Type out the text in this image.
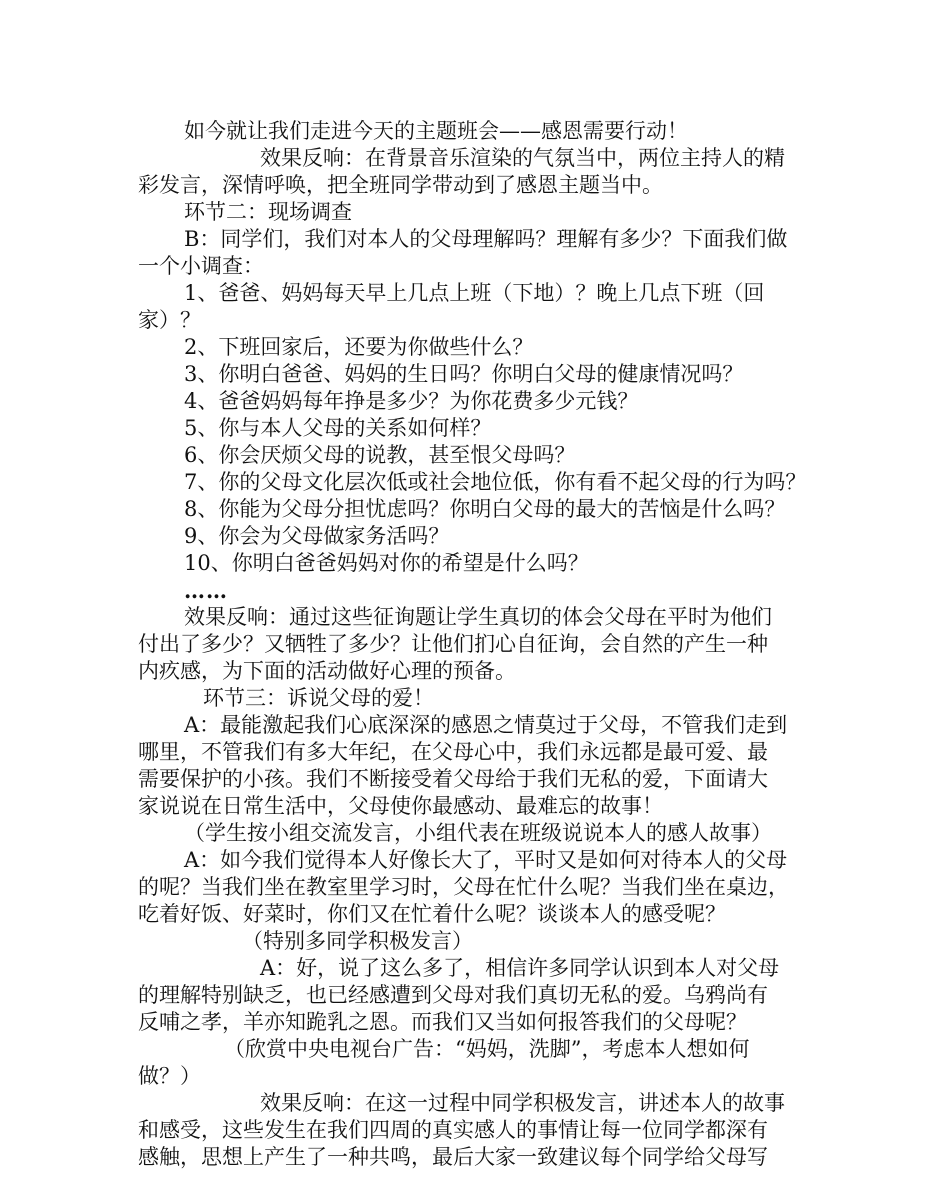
如今就让我们走进今天的主题班会——感恩需要行动！
效果反响：在背景音乐渲染的气氛当中，两位主持人的精
彩发言，深情呼唤，把全班同学带动到了感恩主题当中。
环节二：现场调查
B：同学们，我们对本人的父母理解吗？理解有多少？下面我们做
一个小调查：
1、爸爸、妈妈每天早上几点上班（下地）？晚上几点下班（回
家）？
2、下班回家后，还要为你做些什么？
3、你明白爸爸、妈妈的生日吗？你明白父母的健康情况吗？
4、爸爸妈妈每年挣是多少？为你花费多少元钱？
5、你与本人父母的关系如何样？
6、你会厌烦父母的说教，甚至恨父母吗？
7、你的父母文化层次低或社会地位低，你有看不起父母的行为吗？
8、你能为父母分担忧虑吗？你明白父母的最大的苦恼是什么吗？
9、你会为父母做家务活吗？
10、你明白爸爸妈妈对你的希望是什么吗？
……
效果反响：通过这些征询题让学生真切的体会父母在平时为他们
付出了多少？又牺牲了多少？让他们扪心自征询，会自然的产生一种
内疚感，为下面的活动做好心理的预备。
环节三：诉说父母的爱！
A：最能激起我们心底深深的感恩之情莫过于父母，不管我们走到
哪里，不管我们有多大年纪，在父母心中，我们永远都是最可爱、最
需要保护的小孩。我们不断接受着父母给于我们无私的爱，下面请大
家说说在日常生活中，父母使你最感动、最难忘的故事！
（学生按小组交流发言，小组代表在班级说说本人的感人故事）
A：如今我们觉得本人好像长大了，平时又是如何对待本人的父母
的呢？当我们坐在教室里学习时，父母在忙什么呢？当我们坐在桌边，
吃着好饭、好菜时，你们又在忙着什么呢？谈谈本人的感受呢？
（特别多同学积极发言）
A：好，说了这么多了，相信许多同学认识到本人对父母
的理解特别缺乏，也已经感遭到父母对我们真切无私的爱。乌鸦尚有
反哺之孝，羊亦知跪乳之恩。而我们又当如何报答我们的父母呢？
（欣赏中央电视台广告：“妈妈，洗脚”，考虑本人想如何
做？）
效果反响：在这一过程中同学积极发言，讲述本人的故事
和感受，这些发生在我们四周的真实感人的事情让每一位同学都深有
感触，思想上产生了一种共鸣，最后大家一致建议每个同学给父母写
